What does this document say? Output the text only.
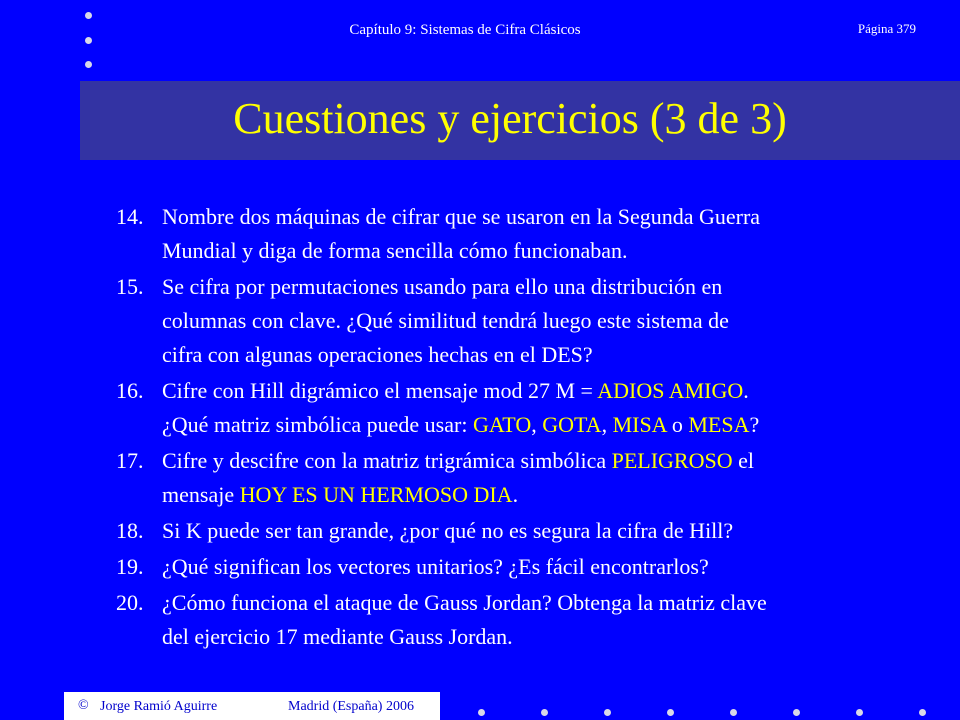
Capítulo 9: Sistemas de Cifra Clásicos	Página 379
Cuestiones y ejercicios (3 de 3)
14. Nombre dos máquinas de cifrar que se usaron en la Segunda Guerra
Mundial y diga de forma sencilla cómo funcionaban.
15. Se cifra por permutaciones usando para ello una distribución en
columnas con clave. ¿Qué similitud tendrá luego este sistema de
cifra con algunas operaciones hechas en el DES?
16. Cifre con Hill digrámico el mensaje mod 27 M = ADIOS AMIGO.
¿Qué matriz simbólica puede usar: GATO, GOTA, MISA o MESA?
17. Cifre y descifre con la matriz trigrámica simbólica PELIGROSO el
mensaje HOY ES UN HERMOSO DIA.
18. Si K puede ser tan grande, ¿por qué no es segura la cifra de Hill?
19. ¿Qué significan los vectores unitarios? ¿Es fácil encontrarlos?
20. ¿Cómo funciona el ataque de Gauss Jordan? Obtenga la matriz clave
del ejercicio 17 mediante Gauss Jordan.
© Jorge Ramió Aguirre	Madrid (España) 2006
